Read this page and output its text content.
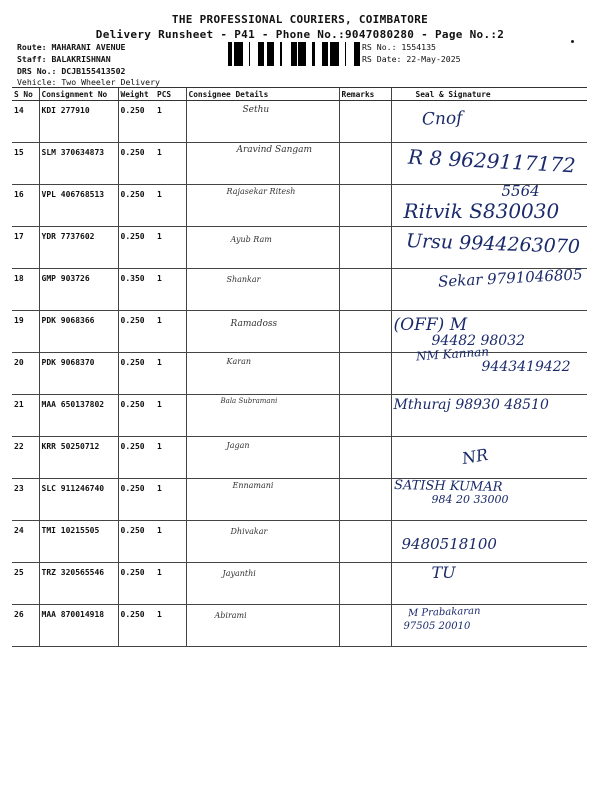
THE PROFESSIONAL COURIERS, COIMBATORE
Delivery Runsheet - P41 - Phone No.:9047080280 - Page No.:2
Route: MAHARANI AVENUE
Staff: BALAKRISHNAN
DRS No.: DCJB155413502
Vehicle: Two Wheeler Delivery
RS No.: 1554135
RS Date: 22-May-2025
S No	Consignment No	Weight	PCS	Consignee Details	Remarks	Seal & Signature
14	KDI 277910	0.250	1	Sethu		Cnof

15	SLM 370634873	0.250	1	Aravind Sangam		R 8 9629117172

16	VPL 406768513	0.250	1	Rajasekar Ritesh		5564
Ritvik S830030

17	YDR 7737602	0.250	1	Ayub Ram		Ursu 9944263070

18	GMP 903726	0.350	1	Shankar		Sekar 9791046805

19	PDK 9068366	0.250	1	Ramadoss		(OFF) M
94482 98032

20	PDK 9068370	0.250	1	Karan		NM Kannan
9443419422

21	MAA 650137802	0.250	1	Bala Subramani		Mthuraj 98930 48510

22	KRR 50250712	0.250	1	Jagan		NR

23	SLC 911246740	0.250	1	Ennamani		SATISH KUMAR
984 20 33000

24	TMI 10215505	0.250	1	Dhivakar		9480518100

25	TRZ 320565546	0.250	1	Jayanthi		TU

26	MAA 870014918	0.250	1	Abirami		M Prabakaran
97505 20010
